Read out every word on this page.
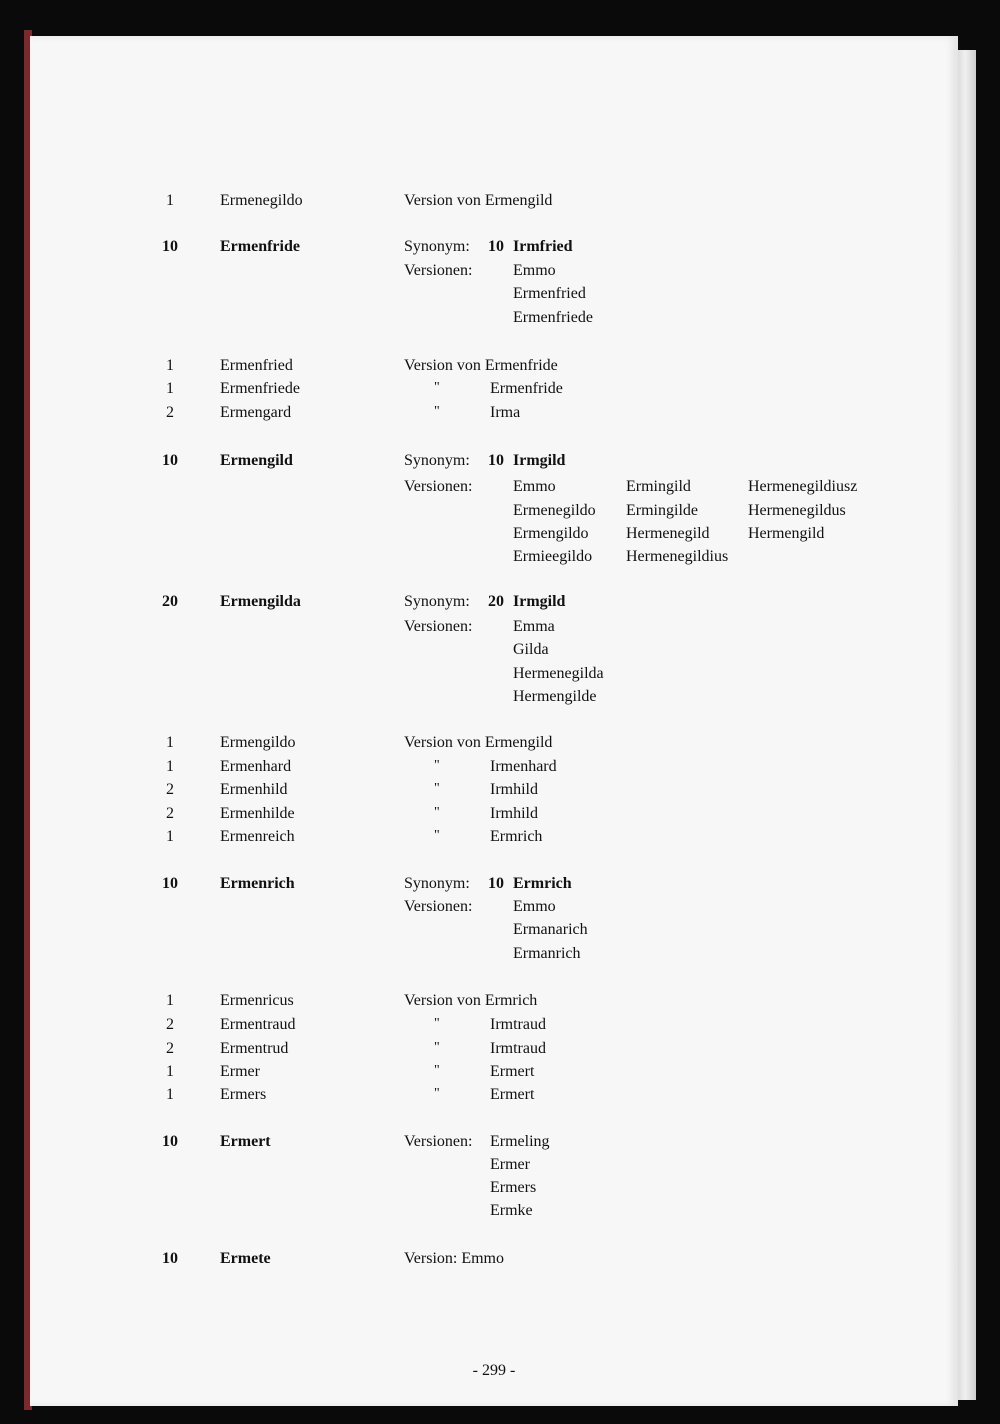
1	Ermenegildo	Version von Ermengild
10	Ermenfride	Synonym: 10 Irmfried
Versionen:	Emmo
Ermenfried
Ermenfriede
1	Ermenfried	Version von Ermenfride
1	Ermenfriede	"	Ermenfride
2	Ermengard	"	Irma
10	Ermengild	Synonym: 10 Irmgild
Versionen:	Emmo	Ermingild	Hermenegildiusz
Ermenegildo Ermingilde	Hermenegildus
Ermengildo Hermenegild Hermengild
Ermieegildo Hermenegildius
20	Ermengilda	Synonym: 20 Irmgild
Versionen:	Emma
Gilda
Hermenegilda
Hermengilde
1	Ermengildo	Version von Ermengild
1	Ermenhard	"	Irmenhard
2	Ermenhild	"	Irmhild
2	Ermenhilde	"	Irmhild
1	Ermenreich	"	Ermrich
10	Ermenrich	Synonym: 10 Ermrich
Versionen:	Emmo
Ermanarich
Ermanrich
1	Ermenricus	Version von Ermrich
2	Ermentraud	"	Irmtraud
2	Ermentrud	"	Irmtraud
1	Ermer	"	Ermert
1	Ermers	"	Ermert
10	Ermert	Versionen: Ermeling
Ermer
Ermers
Ermke
10	Ermete	Version: Emmo
- 299 -
